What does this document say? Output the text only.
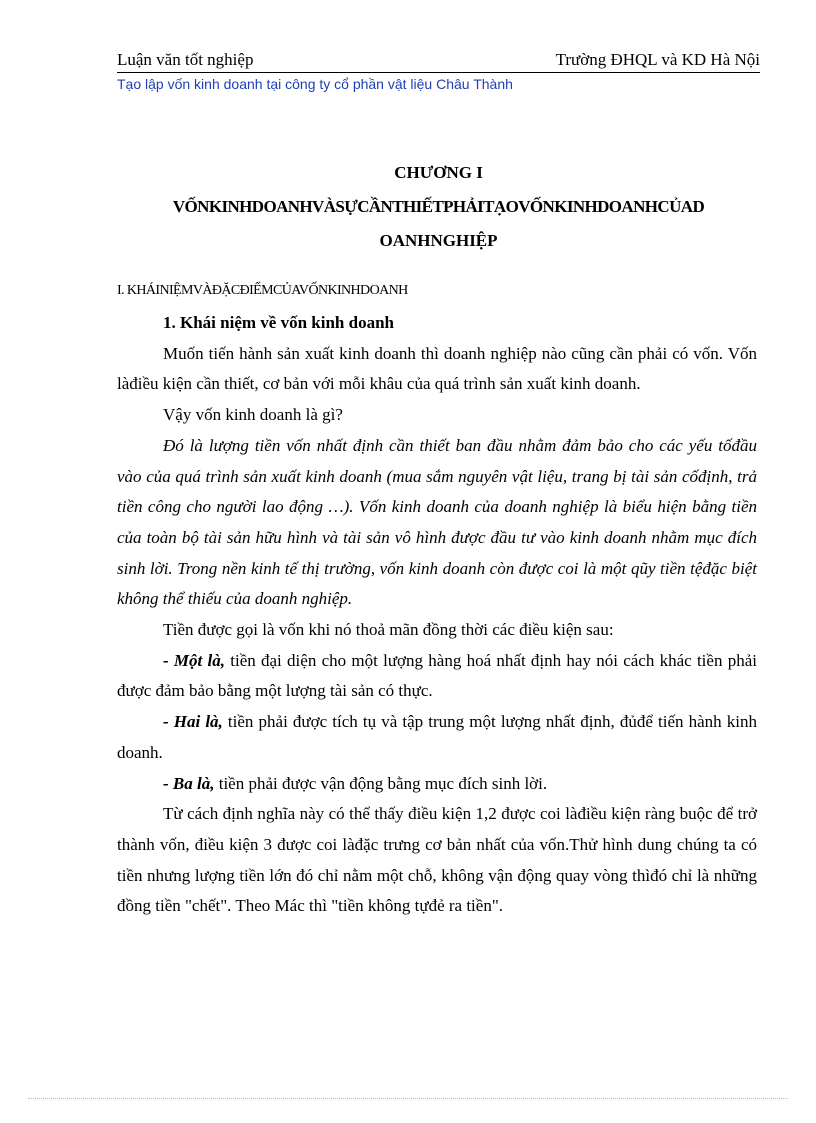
Luận văn tốt nghiệp	Trường ĐHQL và KD Hà Nội
Tạo lập vốn kinh doanh tại công ty cổ phần vật liệu Châu Thành
CHƯƠNG I
VỐNKINHDOANHVÀSỰCẦNTHIẾTPHẢITẠOVỐNKINHDOANHCỦAD
OANHNGHIỆP
I. KHÁINIỆMVÀĐẶCĐIỂMCỦAVỐNKINHDOANH

1. Khái niệm về vốn kinh doanh

Muốn tiến hành sản xuất kinh doanh thì doanh nghiệp nào cũng cần phải có vốn. Vốn làđiều kiện cần thiết, cơ bản với mỗi khâu của quá trình sản xuất kinh doanh.

Vậy vốn kinh doanh là gì?

Đó là lượng tiền vốn nhất định cần thiết ban đầu nhằm đảm bảo cho các yếu tốđầu vào của quá trình sản xuất kinh doanh (mua sắm nguyên vật liệu, trang bị tài sản cốđịnh, trả tiền công cho người lao động …). Vốn kinh doanh của doanh nghiệp là biểu hiện bằng tiền của toàn bộ tài sản hữu hình và tài sản vô hình được đầu tư vào kinh doanh nhằm mục đích sinh lời. Trong nền kinh tế thị trường, vốn kinh doanh còn được coi là một qũy tiền tệđặc biệt không thể thiếu của doanh nghiệp.

Tiền được gọi là vốn khi nó thoả mãn đồng thời các điều kiện sau:

- Một là, tiền đại diện cho một lượng hàng hoá nhất định hay nói cách khác tiền phải được đảm bảo bằng một lượng tài sản có thực.

- Hai là, tiền phải được tích tụ và tập trung một lượng nhất định, đủđể tiến hành kinh doanh.

- Ba là, tiền phải được vận động bằng mục đích sinh lời.

Từ cách định nghĩa này có thể thấy điều kiện 1,2 được coi làđiều kiện ràng buộc để trở thành vốn, điều kiện 3 được coi làđặc trưng cơ bản nhất của vốn.Thử hình dung chúng ta có tiền nhưng lượng tiền lớn đó chỉ nằm một chỗ, không vận động quay vòng thìđó chỉ là những đồng tiền "chết". Theo Mác thì "tiền không tựđẻ ra tiền".
